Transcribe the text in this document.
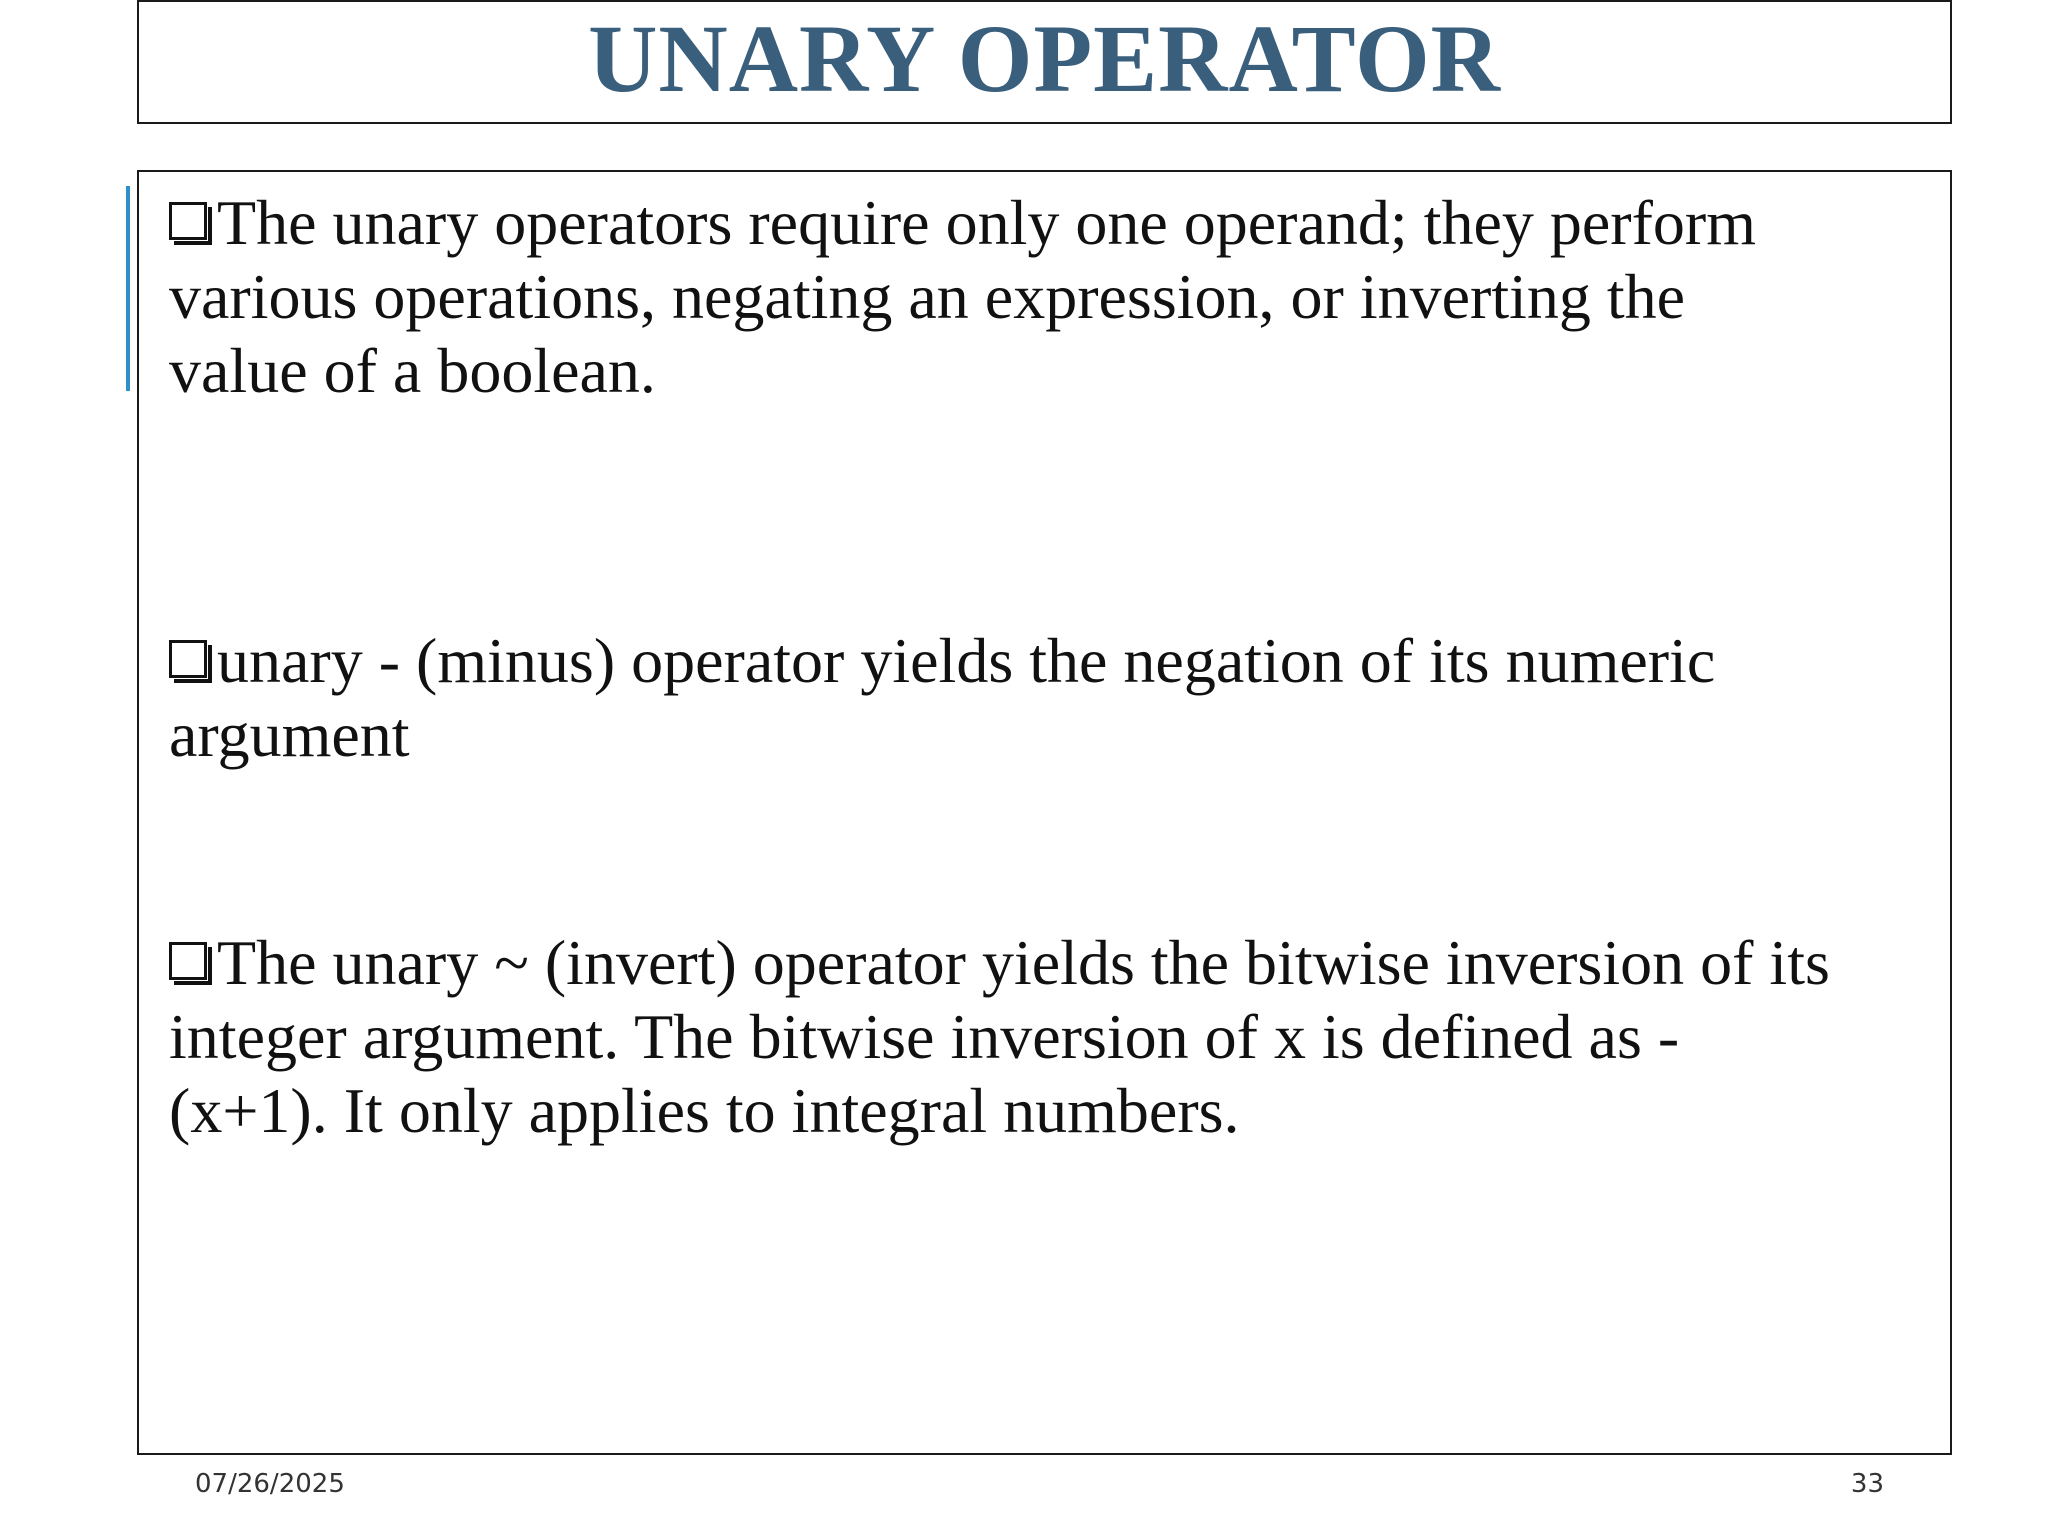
UNARY OPERATOR
The unary operators require only one operand; they perform
various operations, negating an expression, or inverting the
value of a boolean.
unary - (minus) operator yields the negation of its numeric
argument
The unary ~ (invert) operator yields the bitwise inversion of its
integer argument. The bitwise inversion of x is defined as -
(x+1). It only applies to integral numbers.
07/26/2025	33
